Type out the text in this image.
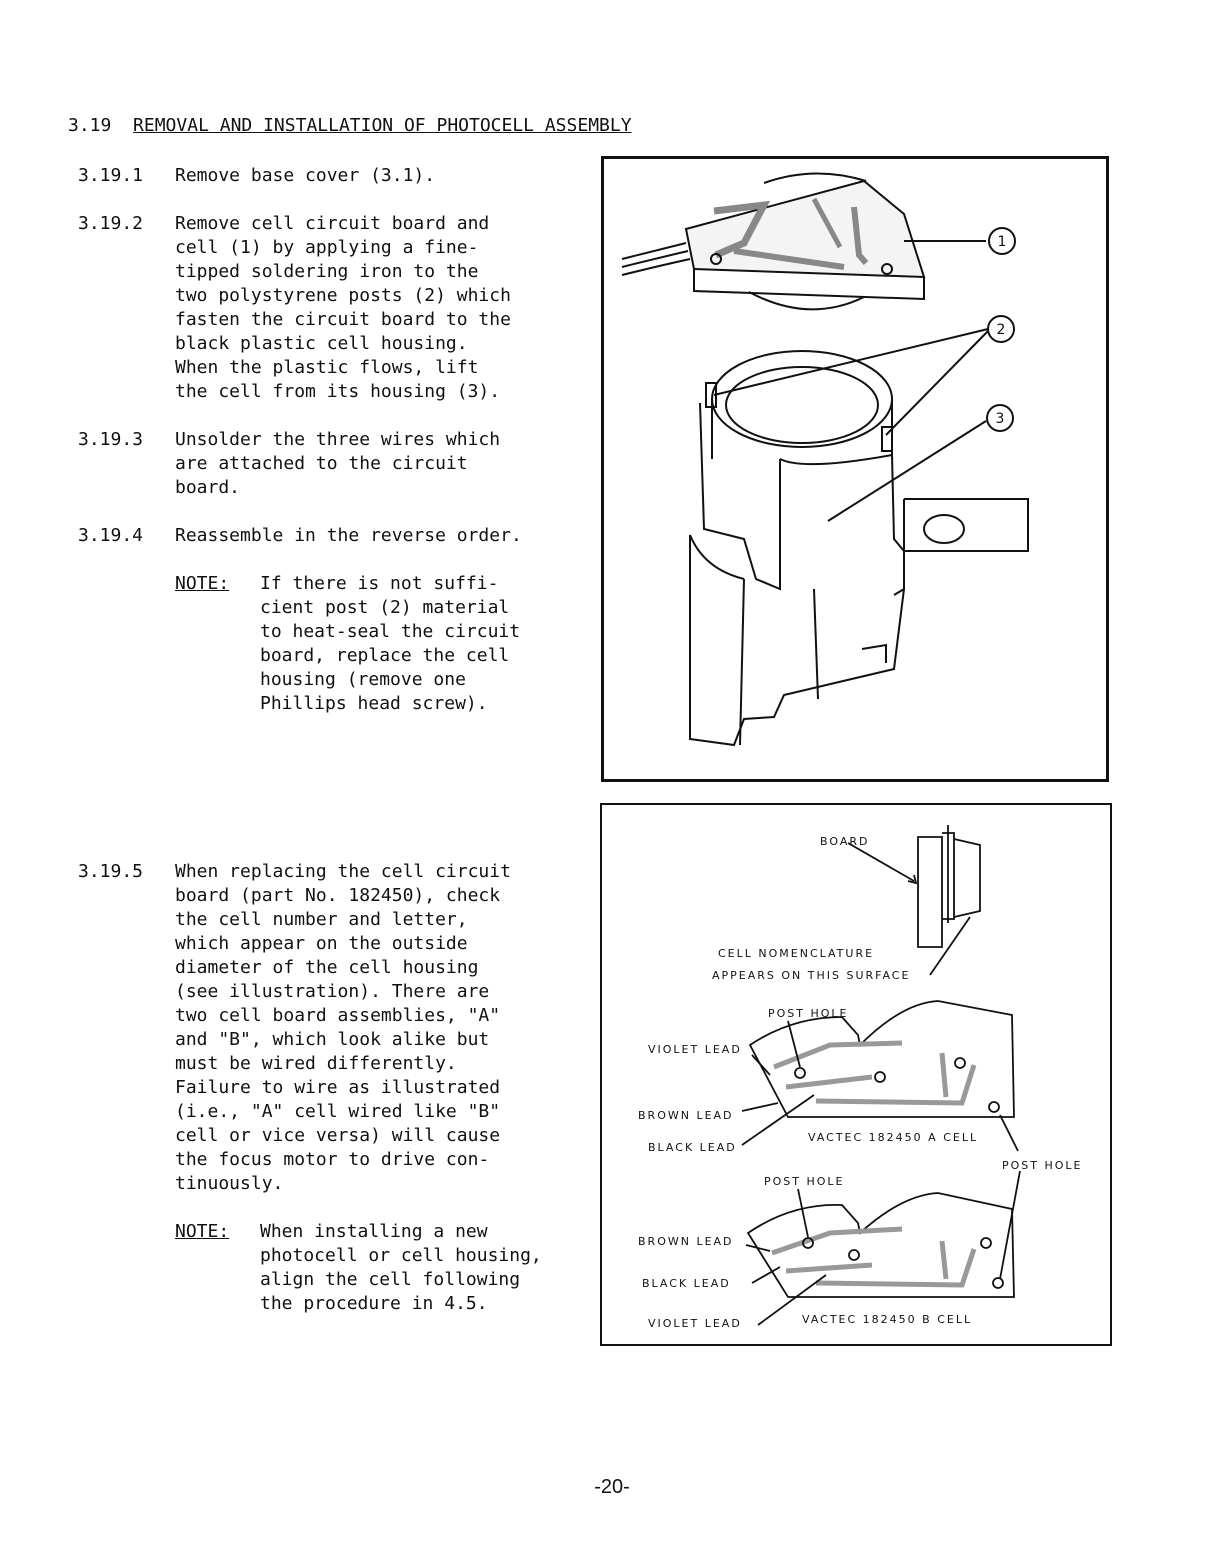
3.19 REMOVAL AND INSTALLATION OF PHOTOCELL ASSEMBLY
3.19.1	Remove base cover (3.1).
3.19.2	Remove cell circuit board and
cell (1) by applying a fine-
tipped soldering iron to the
two polystyrene posts (2) which
fasten the circuit board to the
black plastic cell housing.
When the plastic flows, lift
the cell from its housing (3).
3.19.3	Unsolder the three wires which
are attached to the circuit
board.
3.19.4	Reassemble in the reverse order.
NOTE: If there is not suffi-
cient post (2) material
to heat-seal the circuit
board, replace the cell
housing (remove one
Phillips head screw).
3.19.5	When replacing the cell circuit
board (part No. 182450), check
the cell number and letter,
which appear on the outside
diameter of the cell housing
(see illustration). There are
two cell board assemblies, "A"
and "B", which look alike but
must be wired differently.
Failure to wire as illustrated
(i.e., "A" cell wired like "B"
cell or vice versa) will cause
the focus motor to drive con-
tinuously.
NOTE: When installing a new
photocell or cell housing,
align the cell following
the procedure in 4.5.
1
2
3
BOARD
CELL NOMENCLATURE
APPEARS ON THIS SURFACE
POST HOLE
VIOLET LEAD
BROWN LEAD
BLACK LEAD
VACTEC 182450 A CELL
POST HOLE
POST HOLE
BROWN LEAD
BLACK LEAD
VIOLET LEAD	VACTEC 182450 B CELL
-20-
